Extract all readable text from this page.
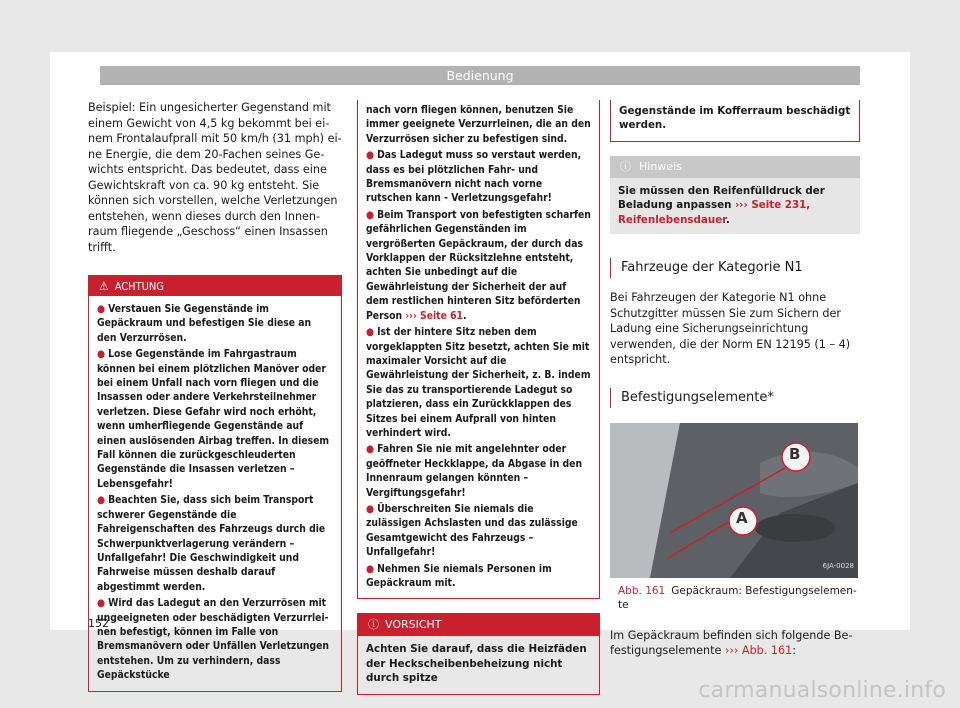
Bedienung

Beispiel: Ein ungesicherter Gegenstand mit einem Gewicht von 4,5 kg bekommt bei einem Frontalaufprall mit 50 km/h (31 mph) eine Energie, die dem 20-Fachen seines Gewichts entspricht. Das bedeutet, dass eine Gewichtskraft von ca. 90 kg entsteht. Sie können sich vorstellen, welche Verletzungen entstehen, wenn dieses durch den Innenraum fliegende „Geschoss“ einen Insassen trifft.

⚠ ACHTUNG
● Verstauen Sie Gegenstände im Gepäckraum und befestigen Sie diese an den Verzurrösen.
● Lose Gegenstände im Fahrgastraum können bei einem plötzlichen Manöver oder bei einem Unfall nach vorn fliegen und die Insassen oder andere Verkehrsteilnehmer verletzen. Diese Gefahr wird noch erhöht, wenn umherfliegende Gegenstände auf einen auslösenden Airbag treffen. In diesem Fall können die zurückgeschleuderten Gegenstände die Insassen verletzen – Lebensgefahr!
● Beachten Sie, dass sich beim Transport schwerer Gegenstände die Fahreigenschaften des Fahrzeugs durch die Schwerpunktverlagerung verändern – Unfallgefahr! Die Geschwindigkeit und Fahrweise müssen deshalb darauf abgestimmt werden.
● Wird das Ladegut an den Verzurrösen mit ungeeigneten oder beschädigten Verzurrleinen befestigt, können im Falle von Bremsmanövern oder Unfällen Verletzungen entstehen. Um zu verhindern, dass Gepäckstücke

nach vorn fliegen können, benutzen Sie immer geeignete Verzurrleinen, die an den Verzurrösen sicher zu befestigen sind.

● Das Ladegut muss so verstaut werden, dass es bei plötzlichen Fahr- und Bremsmanövern nicht nach vorne rutschen kann - Verletzungsgefahr!
● Beim Transport von befestigten scharfen gefährlichen Gegenständen im vergrößerten Gepäckraum, der durch das Vorklappen der Rücksitzlehne entsteht, achten Sie unbedingt auf die Gewährleistung der Sicherheit der auf dem restlichen hinteren Sitz beförderten Person ››› Seite 61.
● Ist der hintere Sitz neben dem vorgeklappten Sitz besetzt, achten Sie mit maximaler Vorsicht auf die Gewährleistung der Sicherheit, z. B. indem Sie das zu transportierende Ladegut so platzieren, dass ein Zurückklappen des Sitzes bei einem Aufprall von hinten verhindert wird.
● Fahren Sie nie mit angelehnter oder geöffneter Heckklappe, da Abgase in den Innenraum gelangen könnten – Vergiftungsgefahr!
● Überschreiten Sie niemals die zulässigen Achslasten und das zulässige Gesamtgewicht des Fahrzeugs – Unfallgefahr!
● Nehmen Sie niemals Personen im Gepäckraum mit.
ⓘ VORSICHT
Achten Sie darauf, dass die Heizfäden der Heckscheibenbeheizung nicht durch spitze
Gegenstände im Kofferraum beschädigt werden.
ⓘ Hinweis
Sie müssen den Reifenfülldruck der Beladung anpassen ››› Seite 231, Reifenlebensdauer.
Fahrzeuge der Kategorie N1

Bei Fahrzeugen der Kategorie N1 ohne Schutzgitter müssen Sie zum Sichern der Ladung eine Sicherungseinrichtung verwenden, die der Norm EN 12195 (1 – 4) entspricht.

Befestigungselemente*
B
A
6JA-0028
Abb. 161 Gepäckraum: Befestigungselemente

Im Gepäckraum befinden sich folgende Befestigungselemente ››› Abb. 161:

152
carmanualsonline.info
